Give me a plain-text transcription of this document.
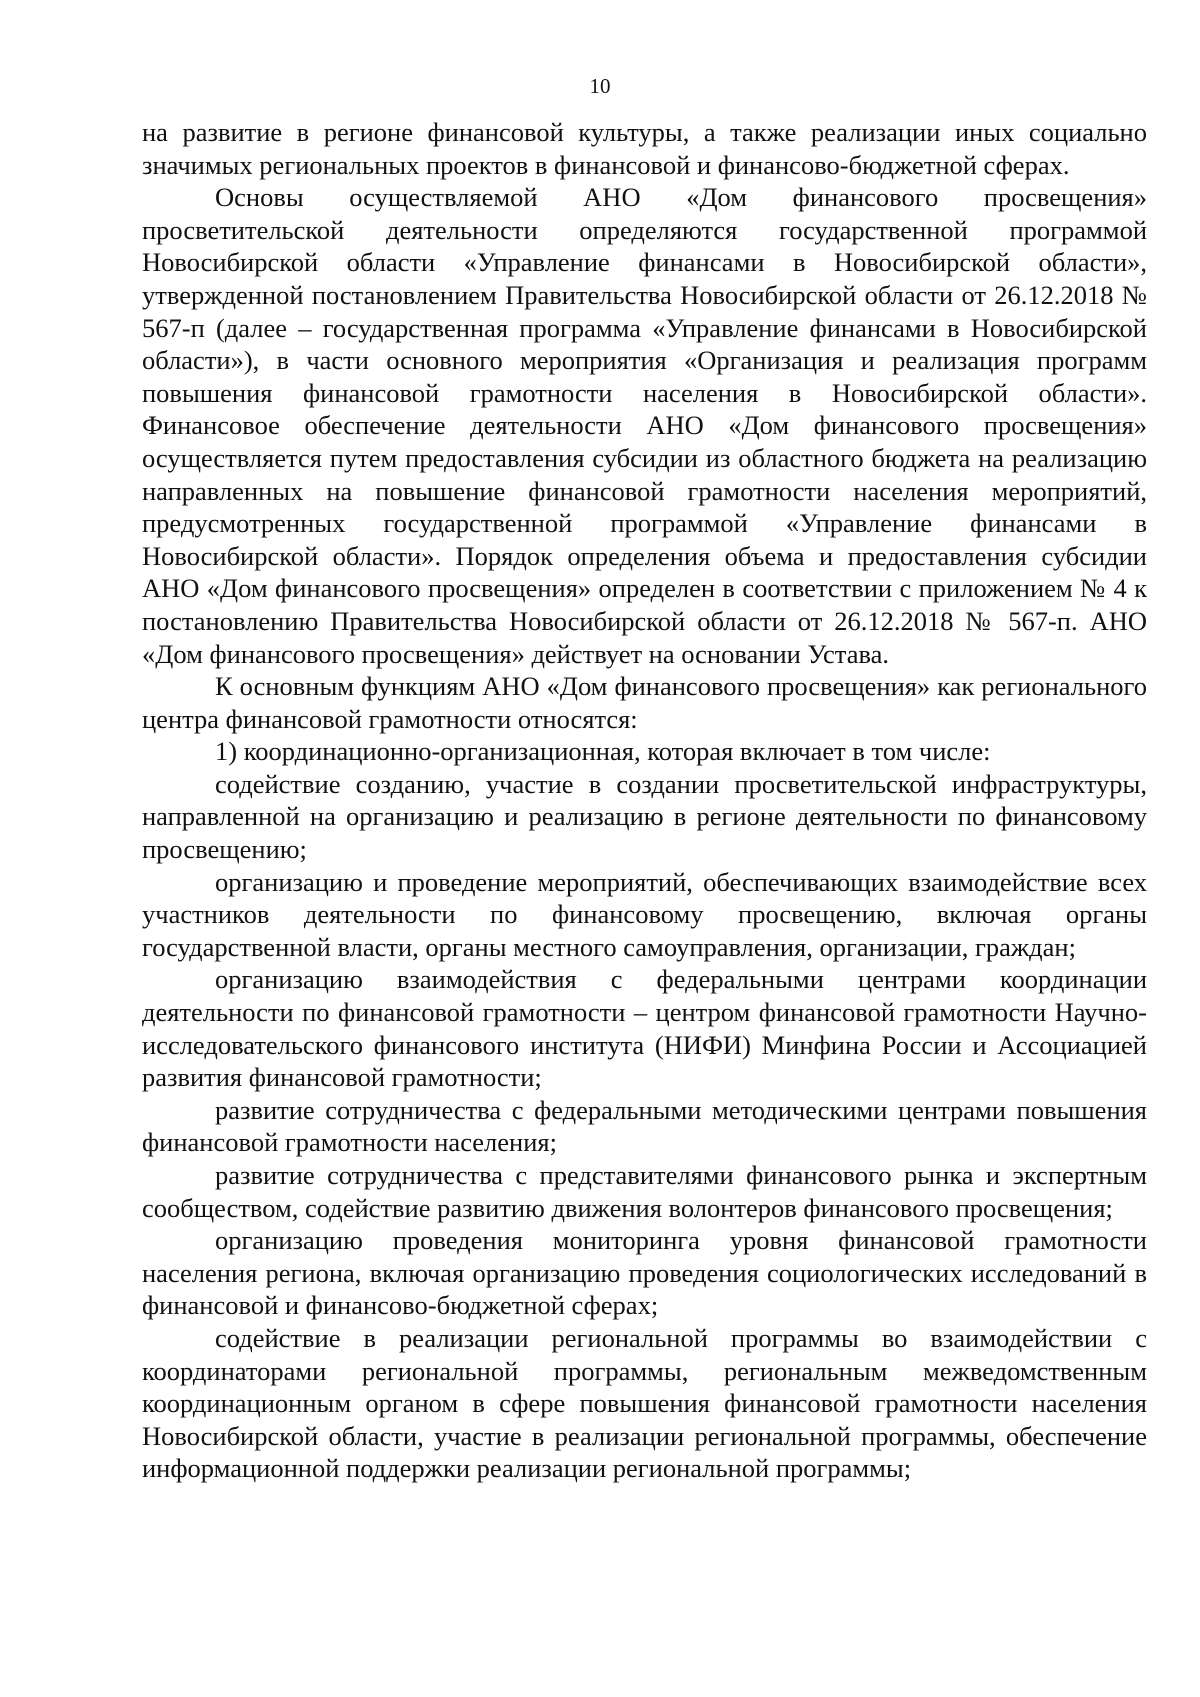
10

на развитие в регионе финансовой культуры, а также реализации иных социально значимых региональных проектов в финансовой и финансово-бюджетной сферах.

Основы осуществляемой АНО «Дом финансового просвещения» просветительской деятельности определяются государственной программой Новосибирской области «Управление финансами в Новосибирской области», утвержденной постановлением Правительства Новосибирской области от 26.12.2018 № 567-п (далее – государственная программа «Управление финансами в Новосибирской области»), в части основного мероприятия «Организация и реализация программ повышения финансовой грамотности населения в Новосибирской области». Финансовое обеспечение деятельности АНО «Дом финансового просвещения» осуществляется путем предоставления субсидии из областного бюджета на реализацию направленных на повышение финансовой грамотности населения мероприятий, предусмотренных государственной программой «Управление финансами в Новосибирской области». Порядок определения объема и предоставления субсидии АНО «Дом финансового просвещения» определен в соответствии с приложением № 4 к постановлению Правительства Новосибирской области от 26.12.2018 № 567-п. АНО «Дом финансового просвещения» действует на основании Устава.

К основным функциям АНО «Дом финансового просвещения» как регионального центра финансовой грамотности относятся:

1) координационно-организационная, которая включает в том числе:

содействие созданию, участие в создании просветительской инфраструктуры, направленной на организацию и реализацию в регионе деятельности по финансовому просвещению;

организацию и проведение мероприятий, обеспечивающих взаимодействие всех участников деятельности по финансовому просвещению, включая органы государственной власти, органы местного самоуправления, организации, граждан;

организацию взаимодействия с федеральными центрами координации деятельности по финансовой грамотности – центром финансовой грамотности Научно-исследовательского финансового института (НИФИ) Минфина России и Ассоциацией развития финансовой грамотности;

развитие сотрудничества с федеральными методическими центрами повышения финансовой грамотности населения;

развитие сотрудничества с представителями финансового рынка и экспертным сообществом, содействие развитию движения волонтеров финансового просвещения;

организацию проведения мониторинга уровня финансовой грамотности населения региона, включая организацию проведения социологических исследований в финансовой и финансово-бюджетной сферах;

содействие в реализации региональной программы во взаимодействии с координаторами региональной программы, региональным межведомственным координационным органом в сфере повышения финансовой грамотности населения Новосибирской области, участие в реализации региональной программы, обеспечение информационной поддержки реализации региональной программы;
